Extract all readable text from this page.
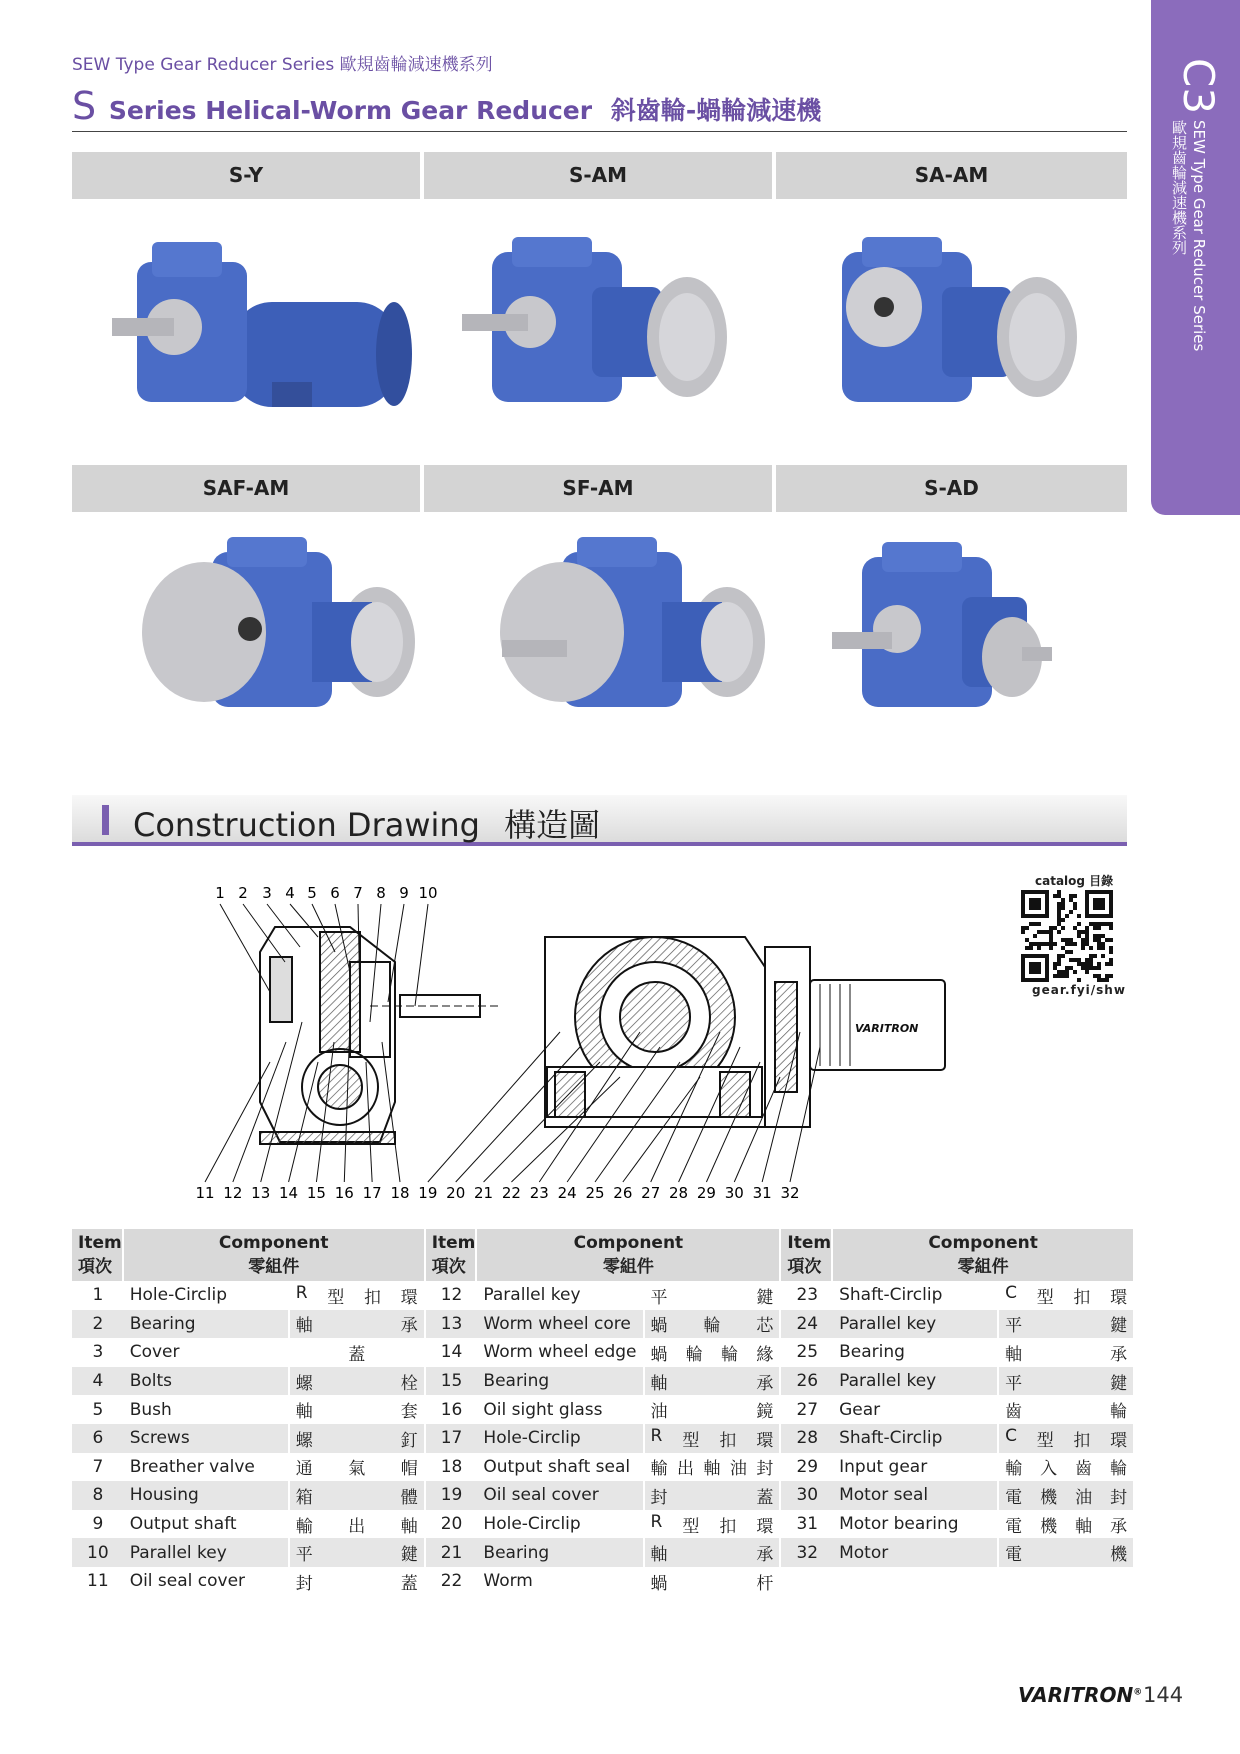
SEW Type Gear Reducer Series 歐規齒輪減速機系列
S Series Helical-Worm Gear Reducer 斜齒輪-蝸輪減速機	C3
SEW Type Gear Reducer Series
歐規齒輪減速機系列
S-Y	S-AM	SA-AM
SAF-AM	SF-AM	S-AD
Construction Drawing 構造圖
VARITRON
1 2 3 4 5 6 7 8 9 10
11 12 13 14 15 16 17 18 19 20 21 22 23 24 25 26 27 28 29 30 31 32
catalog 目錄
gear.fyi/shw
Item
項次	Component
零組件		Item
項次	Component
零組件		Item
項次	Component
零組件	
1	Hole-Circlip	R 型 扣 環	12	Parallel key	平 鍵	23	Shaft-Circlip	C 型 扣 環

2	Bearing	軸 承	13	Worm wheel core	蝸 輪 芯	24	Parallel key	平 鍵

3	Cover	蓋	14	Worm wheel edge	蝸 輪 輪 緣	25	Bearing	軸 承

4	Bolts	螺 栓	15	Bearing	軸 承	26	Parallel key	平 鍵

5	Bush	軸 套	16	Oil sight glass	油 鏡	27	Gear	齒 輪

6	Screws	螺 釘	17	Hole-Circlip	R 型 扣 環	28	Shaft-Circlip	C 型 扣 環

7	Breather valve	通 氣 帽	18	Output shaft seal	輸 出 軸 油 封	29	Input gear	輸 入 齒 輪

8	Housing	箱 體	19	Oil seal cover	封 蓋	30	Motor seal	電 機 油 封

9	Output shaft	輸 出 軸	20	Hole-Circlip	R 型 扣 環	31	Motor bearing	電 機 軸 承

10	Parallel key	平 鍵	21	Bearing	軸 承	32	Motor	電 機

11	Oil seal cover	封 蓋	22	Worm	蝸 杆			

VARITRON® 144
